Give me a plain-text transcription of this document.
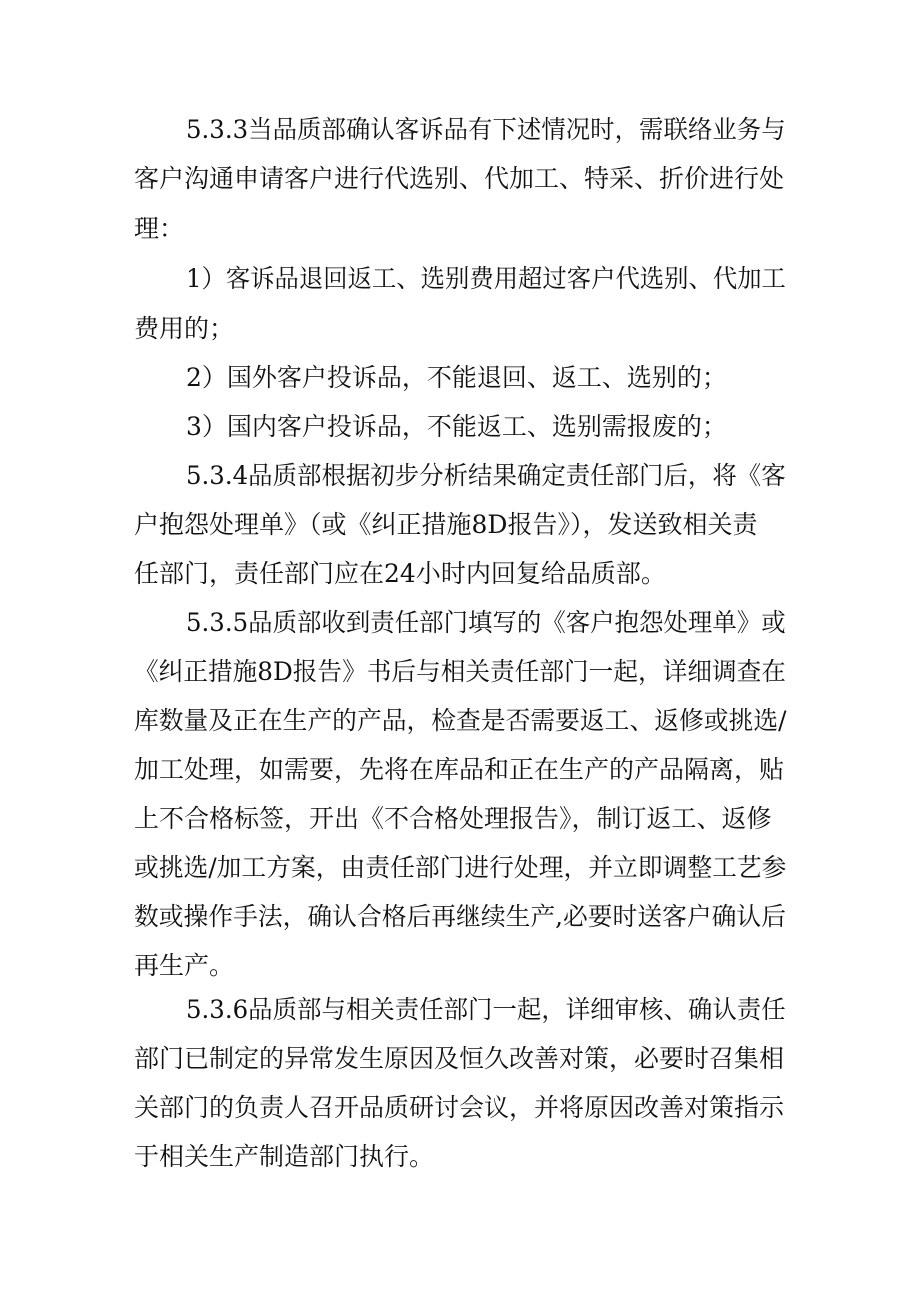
5.3.3当品质部确认客诉品有下述情况时，需联络业务与
客户沟通申请客户进行代选别、代加工、特采、折价进行处
理：
1）客诉品退回返工、选别费用超过客户代选别、代加工
费用的；
2）国外客户投诉品，不能退回、返工、选别的；
3）国内客户投诉品，不能返工、选别需报废的；
5.3.4品质部根据初步分析结果确定责任部门后，将《客
户抱怨处理单》（或《纠正措施8D报告》），发送致相关责
任部门，责任部门应在24小时内回复给品质部。
5.3.5品质部收到责任部门填写的《客户抱怨处理单》或
《纠正措施8D报告》书后与相关责任部门一起，详细调查在
库数量及正在生产的产品，检查是否需要返工、返修或挑选/
加工处理，如需要，先将在库品和正在生产的产品隔离，贴
上不合格标签，开出《不合格处理报告》，制订返工、返修
或挑选/加工方案，由责任部门进行处理，并立即调整工艺参
数或操作手法，确认合格后再继续生产,必要时送客户确认后
再生产。
5.3.6品质部与相关责任部门一起，详细审核、确认责任
部门已制定的异常发生原因及恒久改善对策，必要时召集相
关部门的负责人召开品质研讨会议，并将原因改善对策指示
于相关生产制造部门执行。
